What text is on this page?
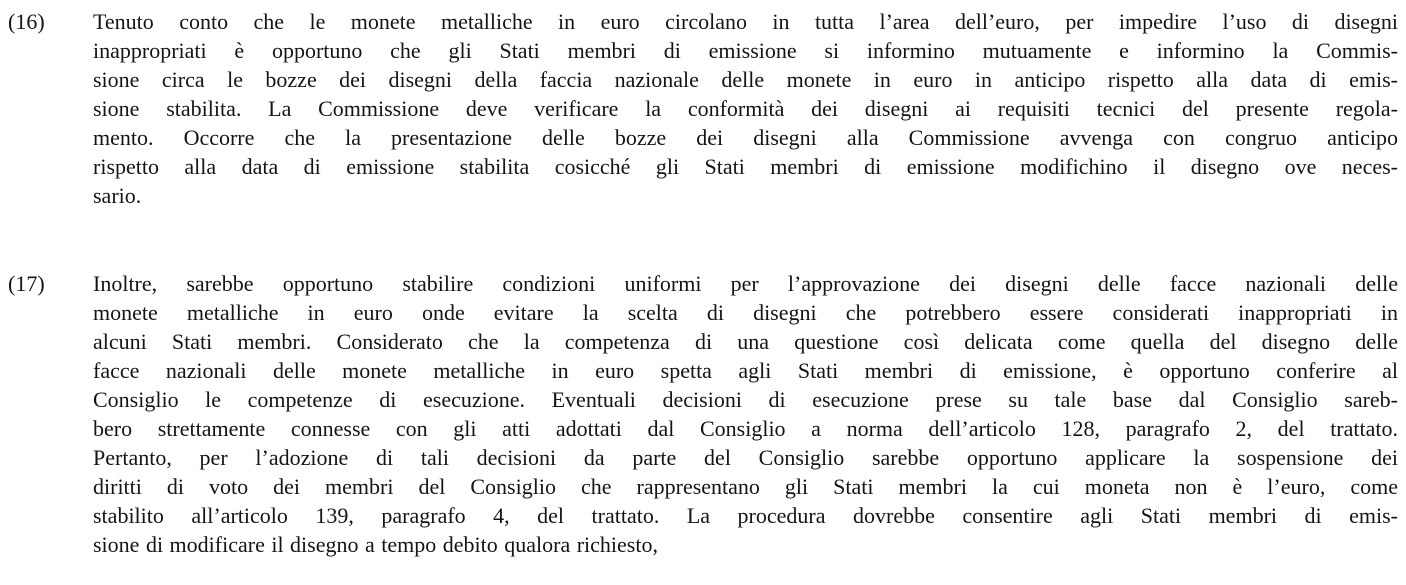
(16)	Tenuto conto che le monete metalliche in euro circolano in tutta l’area dell’euro, per impedire l’uso di disegni
inappropriati è opportuno che gli Stati membri di emissione si informino mutuamente e informino la Commis-
sione circa le bozze dei disegni della faccia nazionale delle monete in euro in anticipo rispetto alla data di emis-
sione stabilita. La Commissione deve verificare la conformità dei disegni ai requisiti tecnici del presente regola-
mento. Occorre che la presentazione delle bozze dei disegni alla Commissione avvenga con congruo anticipo
rispetto alla data di emissione stabilita cosicché gli Stati membri di emissione modifichino il disegno ove neces-
sario.
(17)	Inoltre, sarebbe opportuno stabilire condizioni uniformi per l’approvazione dei disegni delle facce nazionali delle
monete metalliche in euro onde evitare la scelta di disegni che potrebbero essere considerati inappropriati in
alcuni Stati membri. Considerato che la competenza di una questione così delicata come quella del disegno delle
facce nazionali delle monete metalliche in euro spetta agli Stati membri di emissione, è opportuno conferire al
Consiglio le competenze di esecuzione. Eventuali decisioni di esecuzione prese su tale base dal Consiglio sareb-
bero strettamente connesse con gli atti adottati dal Consiglio a norma dell’articolo 128, paragrafo 2, del trattato.
Pertanto, per l’adozione di tali decisioni da parte del Consiglio sarebbe opportuno applicare la sospensione dei
diritti di voto dei membri del Consiglio che rappresentano gli Stati membri la cui moneta non è l’euro, come
stabilito all’articolo 139, paragrafo 4, del trattato. La procedura dovrebbe consentire agli Stati membri di emis-
sione di modificare il disegno a tempo debito qualora richiesto,
